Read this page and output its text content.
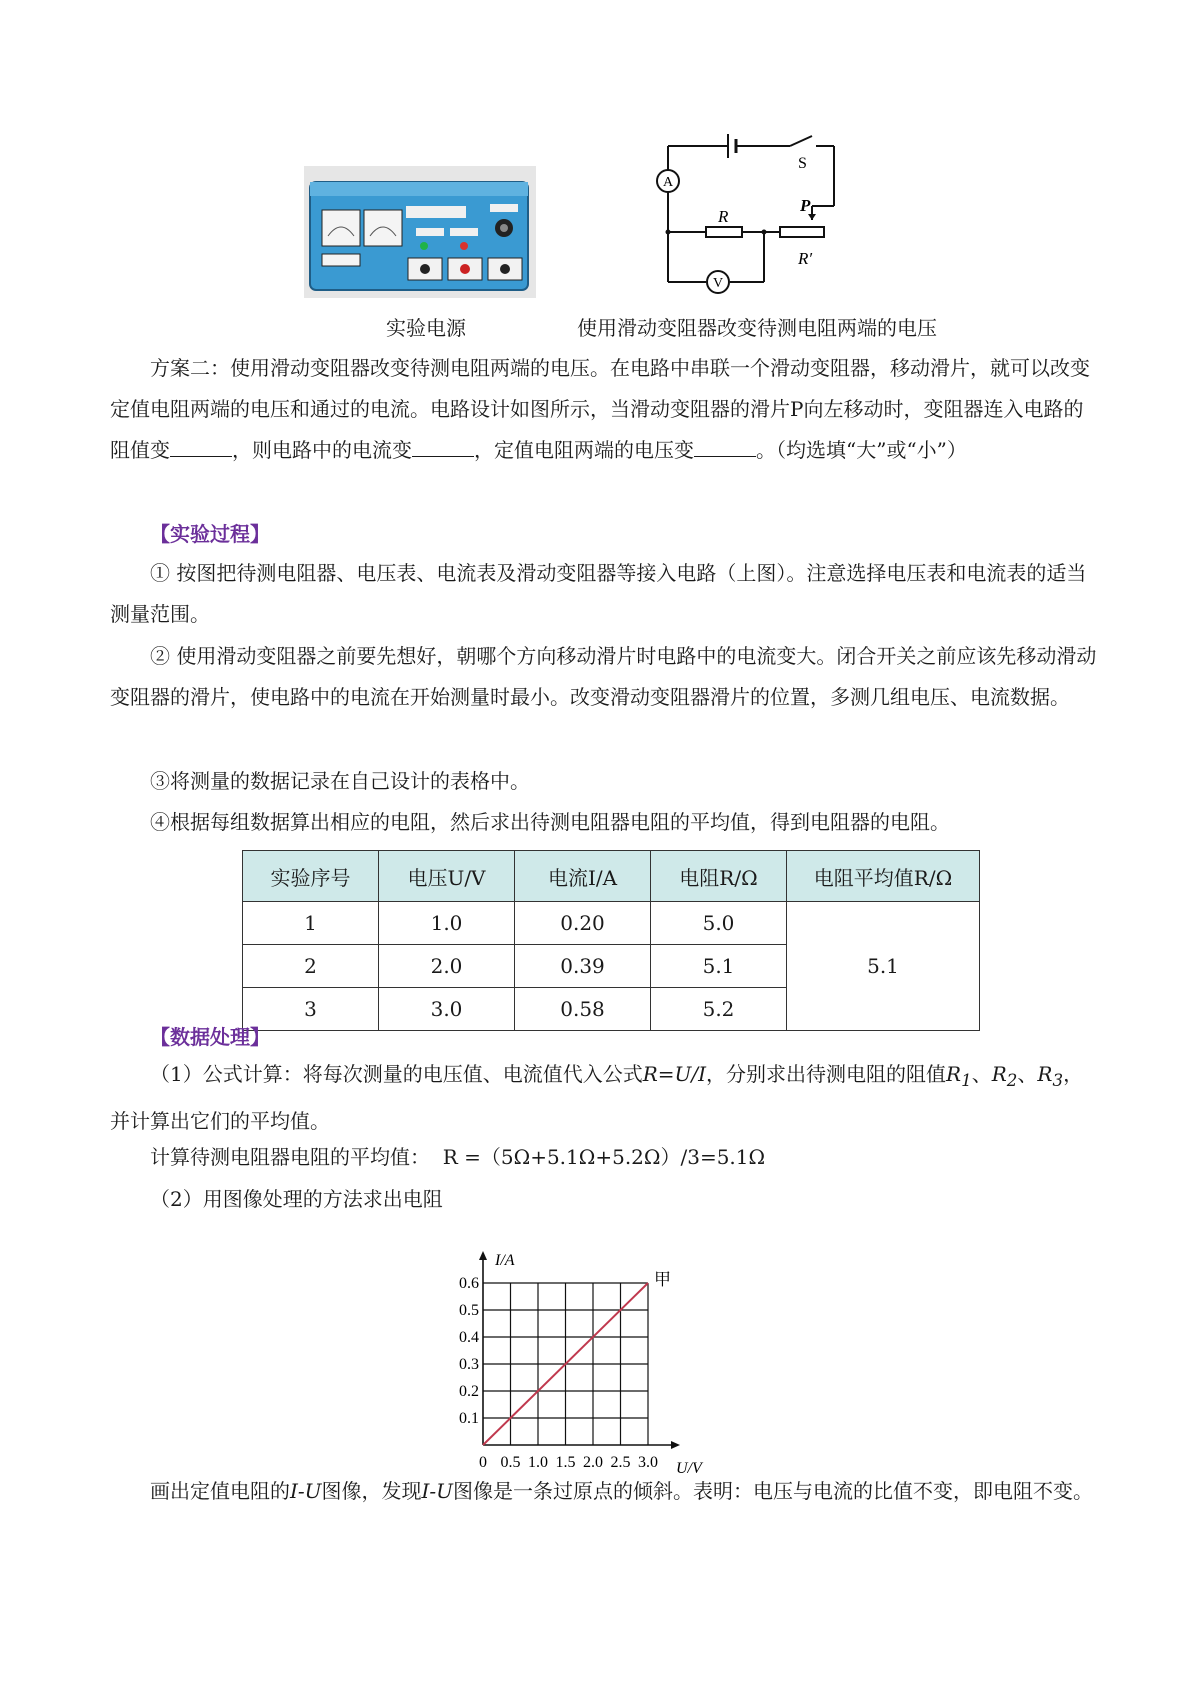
A
V
S
R
P
R′
实验电源	使用滑动变阻器改变待测电阻两端的电压

方案二：使用滑动变阻器改变待测电阻两端的电压。在电路中串联一个滑动变阻器，移动滑片，就可以改变定值电阻两端的电压和通过的电流。电路设计如图所示，当滑动变阻器的滑片P向左移动时，变阻器连入电路的阻值变	，则电路中的电流变	，定值电阻两端的电压变	。（均选填“大”或“小”）

【实验过程】

① 按图把待测电阻器、电压表、电流表及滑动变阻器等接入电路（上图）。注意选择电压表和电流表的适当测量范围。

② 使用滑动变阻器之前要先想好，朝哪个方向移动滑片时电路中的电流变大。闭合开关之前应该先移动滑动变阻器的滑片，使电路中的电流在开始测量时最小。改变滑动变阻器滑片的位置，多测几组电压、电流数据。

③将测量的数据记录在自己设计的表格中。

④根据每组数据算出相应的电阻，然后求出待测电阻器电阻的平均值，得到电阻器的电阻。

实验序号	电压U/V	电流I/A	电阻R/Ω	电阻平均值R/Ω
1	1.0	0.20	5.0	5.1
2	2.0	0.39	5.1	
3	3.0	0.58	5.2	
【数据处理】

（1）公式计算：将每次测量的电压值、电流值代入公式R=U/I，分别求出待测电阻的阻值$R_1$、$R_2$、$R_3$，并计算出它们的平均值。

计算待测电阻器电阻的平均值： R =（5Ω+5.1Ω+5.2Ω）/3=5.1Ω
（2）用图像处理的方法求出电阻
0 0.5 1.0 1.5 2.0 2.5 3.0
0.1
0.2
0.3
0.4
0.5
0.6
U/V
I/A
甲

画出定值电阻的I-U图像，发现I-U图像是一条过原点的倾斜。表明：电压与电流的比值不变，即电阻不变。
